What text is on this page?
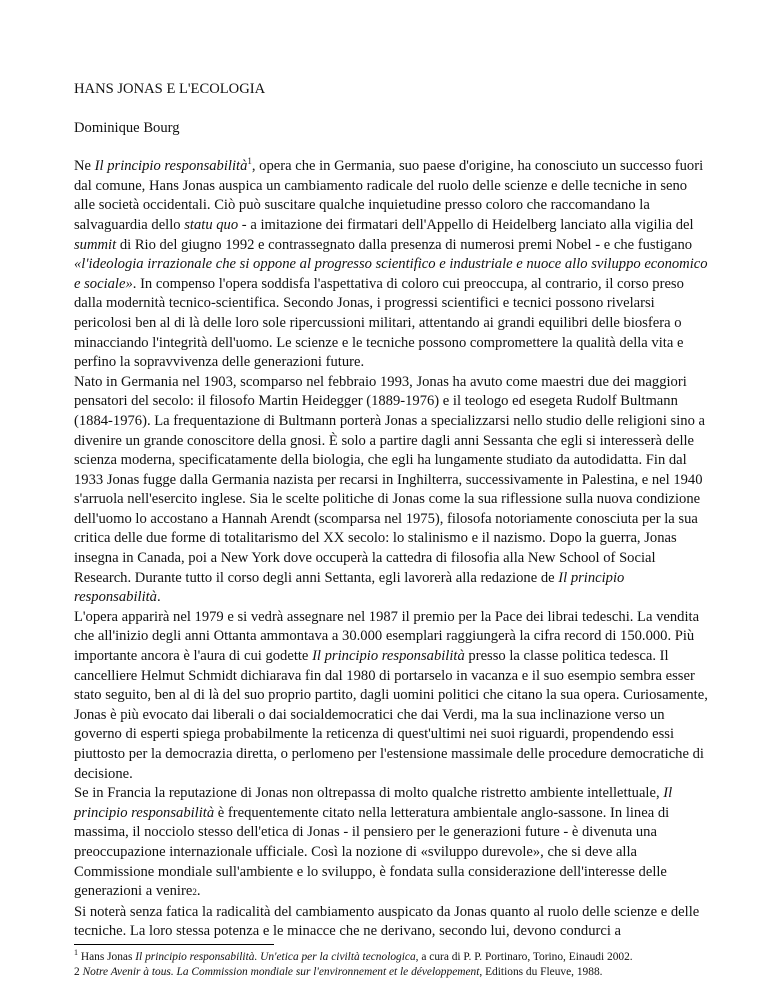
HANS JONAS E L'ECOLOGIA
Dominique Bourg

Ne Il principio responsabilità$^1$, opera che in Germania, suo paese d'origine, ha conosciuto un successo fuori dal comune, Hans Jonas auspica un cambiamento radicale del ruolo delle scienze e delle tecniche in seno alle società occidentali. Ciò può suscitare qualche inquietudine presso coloro che raccomandano la salvaguardia dello statu quo - a imitazione dei firmatari dell'Appello di Heidelberg lanciato alla vigilia del summit di Rio del giugno 1992 e contrassegnato dalla presenza di numerosi premi Nobel - e che fustigano «l'ideologia irrazionale che si oppone al progresso scientifico e industriale e nuoce allo sviluppo economico e sociale». In compenso l'opera soddisfa l'aspettativa di coloro cui preoccupa, al contrario, il corso preso dalla modernità tecnico-scientifica. Secondo Jonas, i progressi scientifici e tecnici possono rivelarsi pericolosi ben al di là delle loro sole ripercussioni militari, attentando ai grandi equilibri delle biosfera o minacciando l'integrità dell'uomo. Le scienze e le tecniche possono compromettere la qualità della vita e perfino la sopravvivenza delle generazioni future.

Nato in Germania nel 1903, scomparso nel febbraio 1993, Jonas ha avuto come maestri due dei maggiori pensatori del secolo: il filosofo Martin Heidegger (1889-1976) e il teologo ed esegeta Rudolf Bultmann (1884-1976). La frequentazione di Bultmann porterà Jonas a specializzarsi nello studio delle religioni sino a divenire un grande conoscitore della gnosi. È solo a partire dagli anni Sessanta che egli si interesserà delle scienza moderna, specificatamente della biologia, che egli ha lungamente studiato da autodidatta. Fin dal 1933 Jonas fugge dalla Germania nazista per recarsi in Inghilterra, successivamente in Palestina, e nel 1940 s'arruola nell'esercito inglese. Sia le scelte politiche di Jonas come la sua riflessione sulla nuova condizione dell'uomo lo accostano a Hannah Arendt (scomparsa nel 1975), filosofa notoriamente conosciuta per la sua critica delle due forme di totalitarismo del XX secolo: lo stalinismo e il nazismo. Dopo la guerra, Jonas insegna in Canada, poi a New York dove occuperà la cattedra di filosofia alla New School of Social Research. Durante tutto il corso degli anni Settanta, egli lavorerà alla redazione de Il principio responsabilità.

L'opera apparirà nel 1979 e si vedrà assegnare nel 1987 il premio per la Pace dei librai tedeschi. La vendita che all'inizio degli anni Ottanta ammontava a 30.000 esemplari raggiungerà la cifra record di 150.000. Più importante ancora è l'aura di cui godette Il principio responsabilità presso la classe politica tedesca. Il cancelliere Helmut Schmidt dichiarava fin dal 1980 di portarselo in vacanza e il suo esempio sembra esser stato seguito, ben al di là del suo proprio partito, dagli uomini politici che citano la sua opera. Curiosamente, Jonas è più evocato dai liberali o dai socialdemocratici che dai Verdi, ma la sua inclinazione verso un governo di esperti spiega probabilmente la reticenza di quest'ultimi nei suoi riguardi, propendendo essi piuttosto per la democrazia diretta, o perlomeno per l'estensione massimale delle procedure democratiche di decisione.

Se in Francia la reputazione di Jonas non oltrepassa di molto qualche ristretto ambiente intellettuale, Il principio responsabilità è frequentemente citato nella letteratura ambientale anglo-sassone. In linea di massima, il nocciolo stesso dell'etica di Jonas - il pensiero per le generazioni future - è divenuta una preoccupazione internazionale ufficiale. Così la nozione di «sviluppo durevole», che si deve alla Commissione mondiale sull'ambiente e lo sviluppo, è fondata sulla considerazione dell'interesse delle generazioni a venire2.

Si noterà senza fatica la radicalità del cambiamento auspicato da Jonas quanto al ruolo delle scienze e delle tecniche. La loro stessa potenza e le minacce che ne derivano, secondo lui, devono condurci a

$^1$ Hans Jonas Il principio responsabilità. Un'etica per la civiltà tecnologica, a cura di P. P. Portinaro, Torino, Einaudi 2002.

2 Notre Avenir à tous. La Commission mondiale sur l'environnement et le développement, Editions du Fleuve, 1988.
